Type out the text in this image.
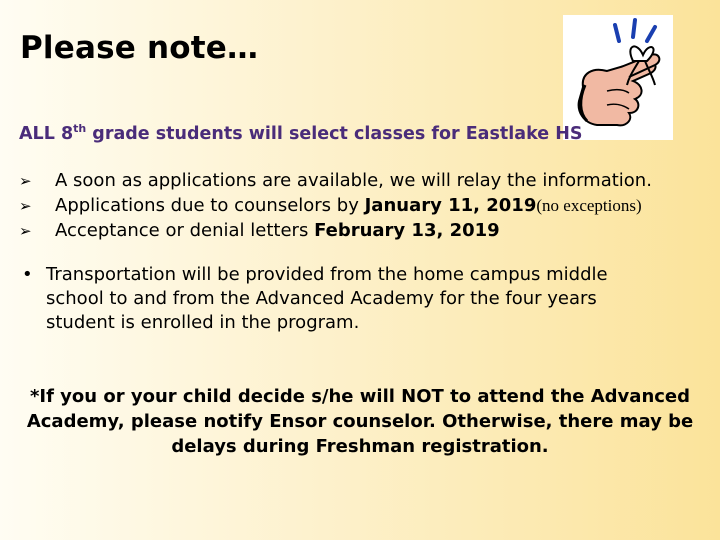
Please note…
ALL 8th grade students will select classes for Eastlake HS
➢	A soon as applications are available, we will relay the information.
➢	Applications due to counselors by
January 11, 2019 (no exceptions)
➢	Acceptance or denial letters
February 13, 2019
• Transportation will be provided from the home campus middle school to and from the Advanced Academy for the four years student is enrolled in the program.
*If you or your child decide s/he will NOT to attend the Advanced Academy, please notify Ensor counselor. Otherwise, there may be delays during Freshman registration.
